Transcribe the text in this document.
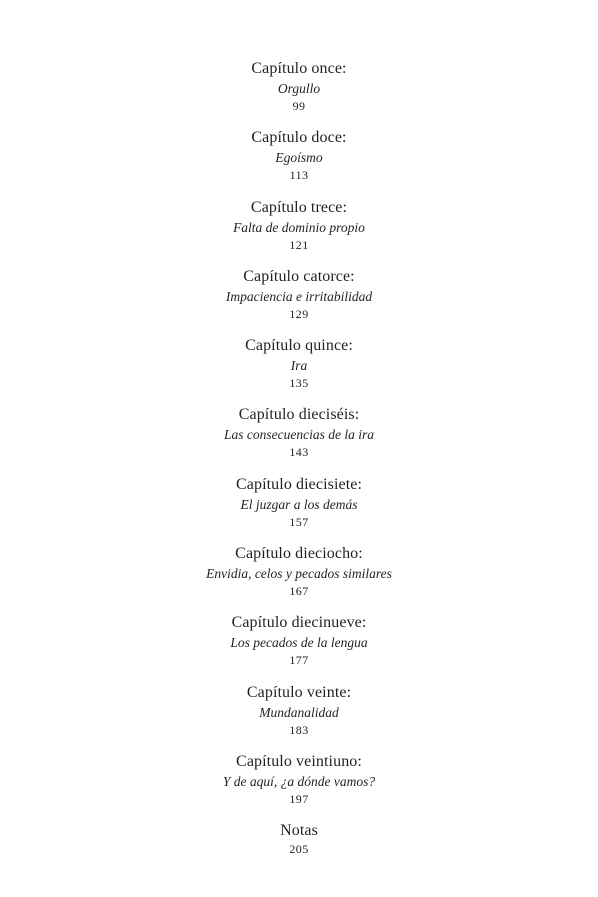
Capítulo once:
Orgullo
99
Capítulo doce:
Egoísmo
113
Capítulo trece:
Falta de dominio propio
121
Capítulo catorce:
Impaciencia e irritabilidad
129
Capítulo quince:
Ira
135
Capítulo dieciséis:
Las consecuencias de la ira
143
Capítulo diecisiete:
El juzgar a los demás
157
Capítulo dieciocho:
Envidia, celos y pecados similares
167
Capítulo diecinueve:
Los pecados de la lengua
177
Capítulo veinte:
Mundanalidad
183
Capítulo veintiuno:
Y de aquí, ¿a dónde vamos?
197
Notas
205
